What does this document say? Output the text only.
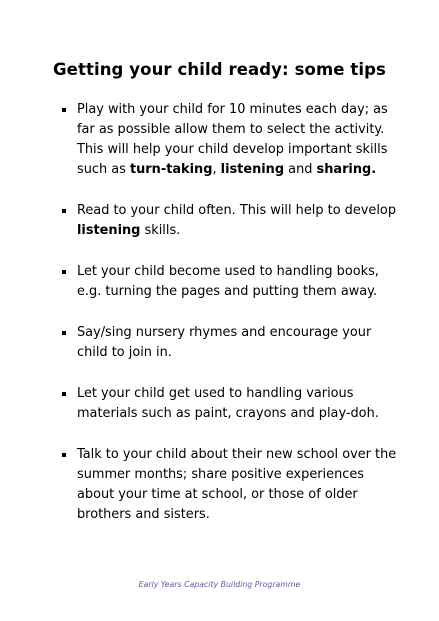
Getting your child ready: some tips
Play with your child for 10 minutes each day; as far as possible allow them to select the activity. This will help your child develop important skills such as turn-taking, listening and sharing.
Read to your child often. This will help to develop listening skills.
Let your child become used to handling books, e.g. turning the pages and putting them away.
Say/sing nursery rhymes and encourage your child to join in.
Let your child get used to handling various materials such as paint, crayons and play-doh.
Talk to your child about their new school over the summer months; share positive experiences about your time at school, or those of older brothers and sisters.
Early Years Capacity Building Programme
